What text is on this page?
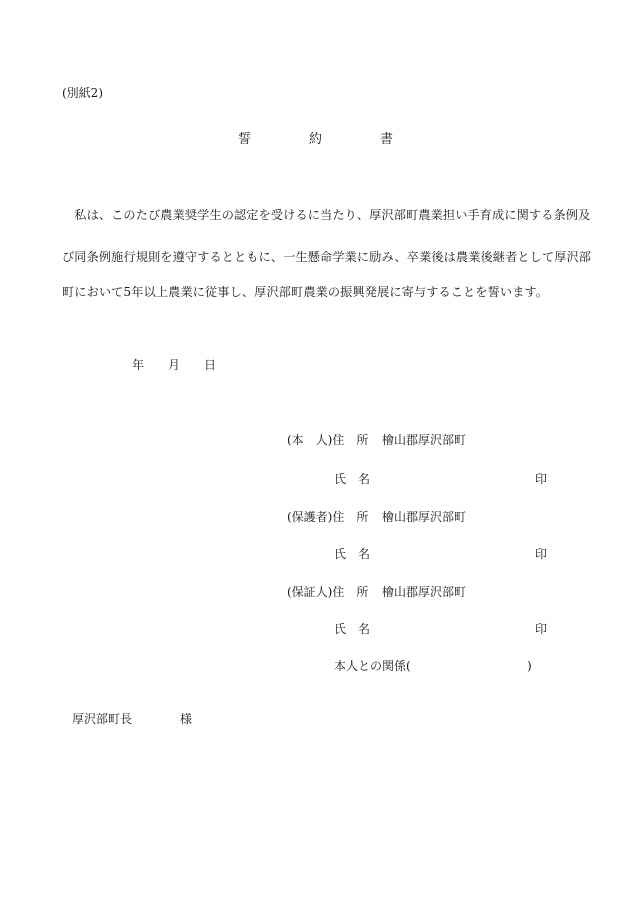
(別紙2)
誓	約	書
　私は、このたび農業奨学生の認定を受けるに当たり、厚沢部町農業担い手育成に関する条例及
び同条例施行規則を遵守するとともに、一生懸命学業に励み、卒業後は農業後継者として厚沢部
町において5年以上農業に従事し、厚沢部町農業の振興発展に寄与することを誓います。
年 月 日
(本　人)住　所 檜山郡厚沢部町
氏　名	印
(保護者)住　所 檜山郡厚沢部町
氏　名	印
(保証人)住　所 檜山郡厚沢部町
氏　名	印
本人との関係(	)
厚沢部町長	様
